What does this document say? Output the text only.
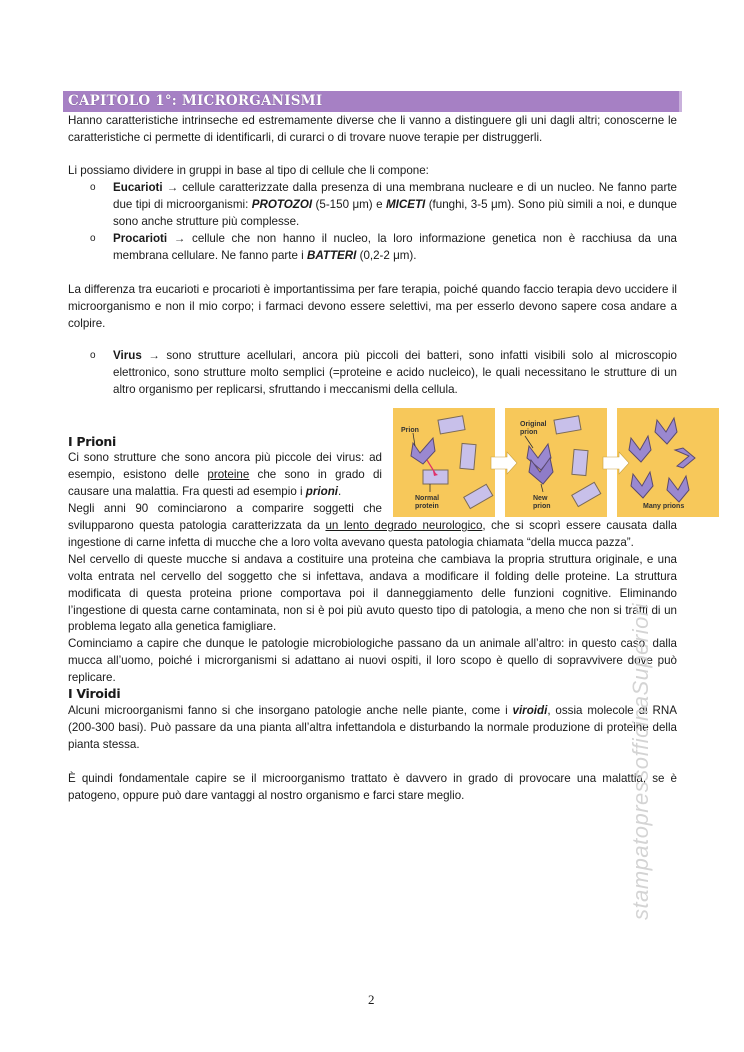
CAPITOLO 1°: MICRORGANISMI

Hanno caratteristiche intrinseche ed estremamente diverse che li vanno a distinguere gli uni dagli altri; conoscerne le caratteristiche ci permette di identificarli, di curarci o di trovare nuove terapie per distruggerli.

Li possiamo dividere in gruppi in base al tipo di cellule che li compone:

o Eucarioti → cellule caratterizzate dalla presenza di una membrana nucleare e di un nucleo. Ne fanno parte due tipi di microorganismi: PROTOZOI (5-150 μm) e MICETI (funghi, 3-5 μm). Sono più simili a noi, e dunque sono anche strutture più complesse.
o Procarioti → cellule che non hanno il nucleo, la loro informazione genetica non è racchiusa da una membrana cellulare. Ne fanno parte i BATTERI (0,2-2 μm).

La differenza tra eucarioti e procarioti è importantissima per fare terapia, poiché quando faccio terapia devo uccidere il microorganismo e non il mio corpo; i farmaci devono essere selettivi, ma per esserlo devono sapere cosa andare a colpire.

o Virus → sono strutture acellulari, ancora più piccoli dei batteri, sono infatti visibili solo al microscopio elettronico, sono strutture molto semplici (=proteine e acido nucleico), le quali necessitano le strutture di un altro organismo per replicarsi, sfruttando i meccanismi della cellula.
I Prioni

Ci sono strutture che sono ancora più piccole dei virus: ad esempio, esistono delle proteine che sono in grado di causare una malattia. Fra questi ad esempio i prioni.

Negli anni 90 cominciarono a comparire soggetti che

svilupparono questa patologia caratterizzata da un lento degrado neurologico, che si scoprì essere causata dalla ingestione di carne infetta di mucche che a loro volta avevano questa patologia chiamata “della mucca pazza”.

Nel cervello di queste mucche si andava a costituire una proteina che cambiava la propria struttura originale, e una volta entrata nel cervello del soggetto che si infettava, andava a modificare il folding delle proteine. La struttura modificata di questa proteina prione comportava poi il danneggiamento delle funzioni cognitive. Eliminando l’ingestione di questa carne contaminata, non si è poi più avuto questo tipo di patologia, a meno che non si tratti di un problema legato alla genetica famigliare.

Cominciamo a capire che dunque le patologie microbiologiche passano da un animale all’altro: in questo caso, dalla mucca all’uomo, poiché i microrganismi si adattano ai nuovi ospiti, il loro scopo è quello di sopravvivere dove può replicare.

Prion
Normal
protein
Original
prion
New
prion	Many prions
I Viroidi

Alcuni microorganismi fanno si che insorgano patologie anche nelle piante, come i viroidi, ossia molecole di RNA (200-300 basi). Può passare da una pianta all’altra infettandola e disturbando la normale produzione di proteine della pianta stessa.

È quindi fondamentale capire se il microorganismo trattato è davvero in grado di provocare una malattia, se è patogeno, oppure può dare vantaggi al nostro organismo e farci stare meglio.	stampatopressofficinaSuperiori
2
